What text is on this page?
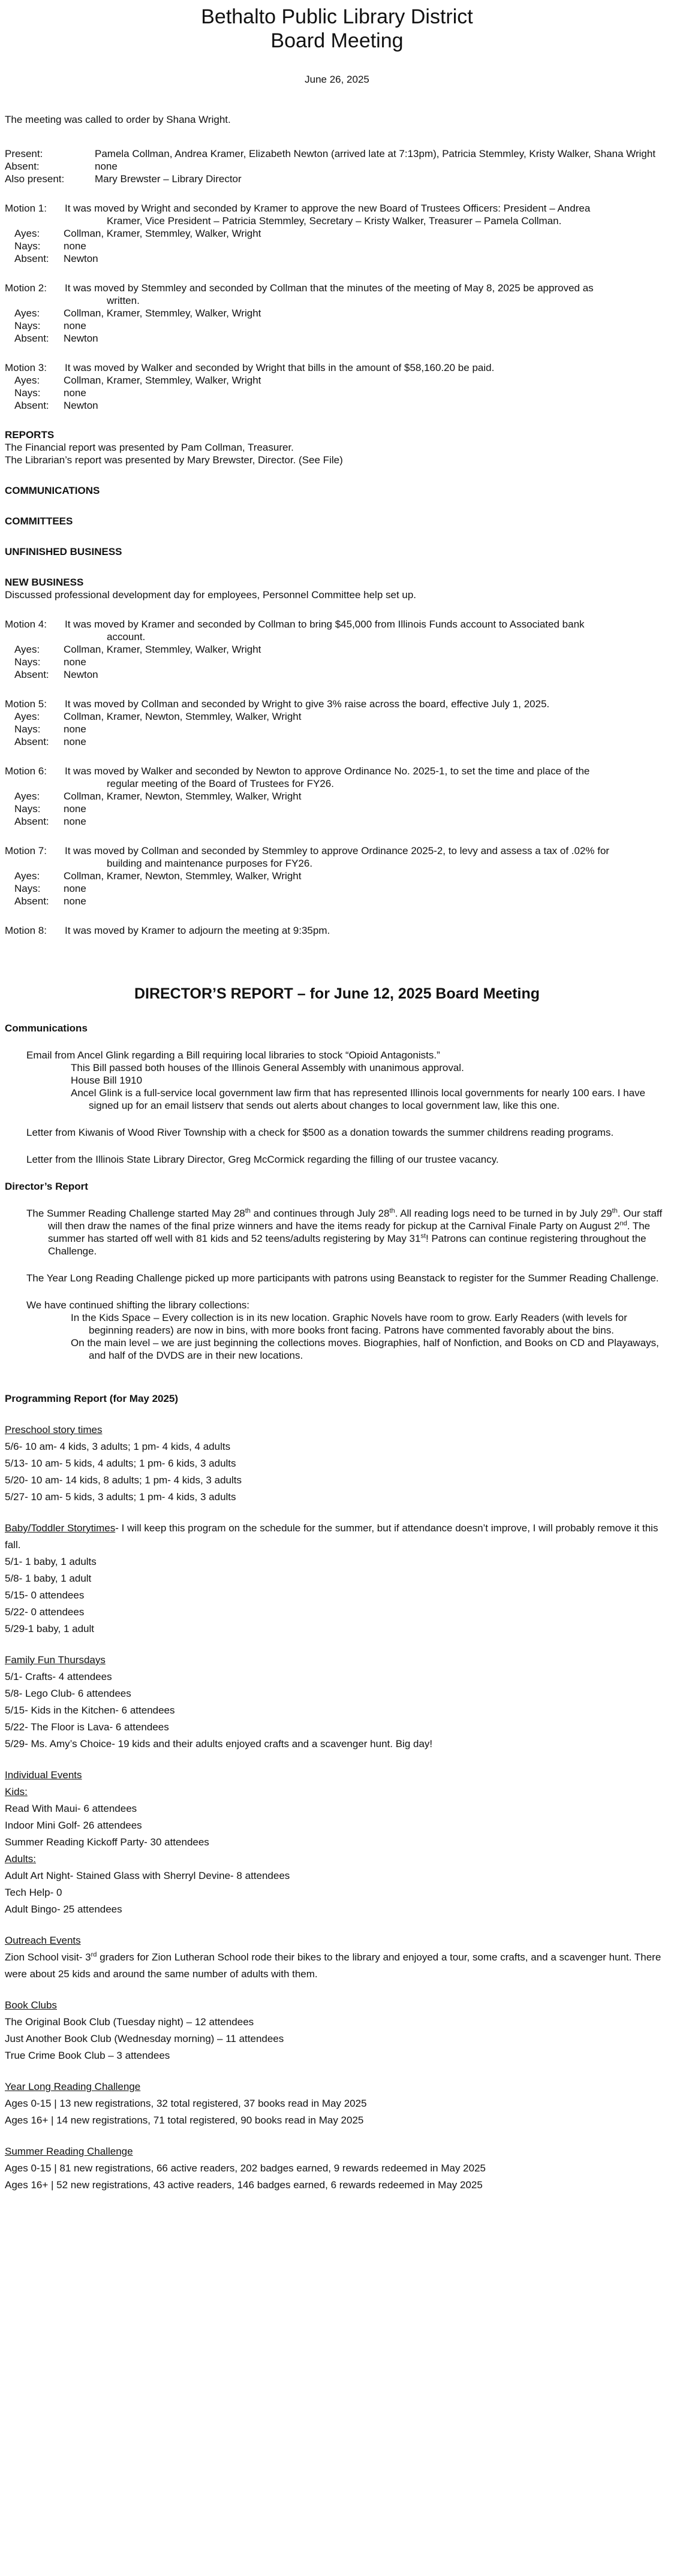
Bethalto Public Library District
Board Meeting
June 26, 2025

The meeting was called to order by Shana Wright.

Present:	Pamela Collman, Andrea Kramer, Elizabeth Newton (arrived late at 7:13pm), Patricia Stemmley, Kristy Walker, Shana Wright
Absent:	none
Also present:	Mary Brewster – Library Director
Motion 1:	It was moved by Wright and seconded by Kramer to approve the new Board of Trustees Officers: President – Andrea
Kramer, Vice President – Patricia Stemmley, Secretary – Kristy Walker, Treasurer – Pamela Collman.
Ayes:	Collman, Kramer, Stemmley, Walker, Wright
Nays:	none
Absent:	Newton
Motion 2:	It was moved by Stemmley and seconded by Collman that the minutes of the meeting of May 8, 2025 be approved as
written.
Ayes:	Collman, Kramer, Stemmley, Walker, Wright
Nays:	none
Absent:	Newton
Motion 3:	It was moved by Walker and seconded by Wright that bills in the amount of $58,160.20 be paid.
Ayes:	Collman, Kramer, Stemmley, Walker, Wright
Nays:	none
Absent:	Newton

REPORTS

The Financial report was presented by Pam Collman, Treasurer.

The Librarian’s report was presented by Mary Brewster, Director. (See File)

COMMUNICATIONS

COMMITTEES

UNFINISHED BUSINESS

NEW BUSINESS

Discussed professional development day for employees, Personnel Committee help set up.

Motion 4:	It was moved by Kramer and seconded by Collman to bring $45,000 from Illinois Funds account to Associated bank
account.
Ayes:	Collman, Kramer, Stemmley, Walker, Wright
Nays:	none
Absent:	Newton
Motion 5:	It was moved by Collman and seconded by Wright to give 3% raise across the board, effective July 1, 2025.
Ayes:	Collman, Kramer, Newton, Stemmley, Walker, Wright
Nays:	none
Absent:	none
Motion 6:	It was moved by Walker and seconded by Newton to approve Ordinance No. 2025-1, to set the time and place of the
regular meeting of the Board of Trustees for FY26.
Ayes:	Collman, Kramer, Newton, Stemmley, Walker, Wright
Nays:	none
Absent:	none
Motion 7:	It was moved by Collman and seconded by Stemmley to approve Ordinance 2025-2, to levy and assess a tax of .02% for
building and maintenance purposes for FY26.
Ayes:	Collman, Kramer, Newton, Stemmley, Walker, Wright
Nays:	none
Absent:	none
Motion 8:	It was moved by Kramer to adjourn the meeting at 9:35pm.
DIRECTOR’S REPORT – for June 12, 2025 Board Meeting

Communications

Email from Ancel Glink regarding a Bill requiring local libraries to stock “Opioid Antagonists.”

This Bill passed both houses of the Illinois General Assembly with unanimous approval.

House Bill 1910

Ancel Glink is a full-service local government law firm that has represented Illinois local governments for nearly 100 ears. I have signed up for an email listserv that sends out alerts about changes to local government law, like this one.

Letter from Kiwanis of Wood River Township with a check for $500 as a donation towards the summer childrens reading programs.

Letter from the Illinois State Library Director, Greg McCormick regarding the filling of our trustee vacancy.

Director’s Report

The Summer Reading Challenge started May 28th and continues through July 28th. All reading logs need to be turned in by July 29th. Our staff will then draw the names of the final prize winners and have the items ready for pickup at the Carnival Finale Party on August 2nd. The summer has started off well with 81 kids and 52 teens/adults registering by May 31st! Patrons can continue registering throughout the Challenge.

The Year Long Reading Challenge picked up more participants with patrons using Beanstack to register for the Summer Reading Challenge.

We have continued shifting the library collections:

In the Kids Space – Every collection is in its new location. Graphic Novels have room to grow. Early Readers (with levels for beginning readers) are now in bins, with more books front facing. Patrons have commented favorably about the bins.

On the main level – we are just beginning the collections moves. Biographies, half of Nonfiction, and Books on CD and Playaways, and half of the DVDS are in their new locations.

Programming Report (for May 2025)

Preschool story times

5/6- 10 am- 4 kids, 3 adults; 1 pm- 4 kids, 4 adults

5/13- 10 am- 5 kids, 4 adults; 1 pm- 6 kids, 3 adults

5/20- 10 am- 14 kids, 8 adults; 1 pm- 4 kids, 3 adults

5/27- 10 am- 5 kids, 3 adults; 1 pm- 4 kids, 3 adults

Baby/Toddler Storytimes- I will keep this program on the schedule for the summer, but if attendance doesn’t improve, I will probably remove it this fall.

5/1- 1 baby, 1 adults

5/8- 1 baby, 1 adult

5/15- 0 attendees

5/22- 0 attendees

5/29-1 baby, 1 adult

Family Fun Thursdays

5/1- Crafts- 4 attendees

5/8- Lego Club- 6 attendees

5/15- Kids in the Kitchen- 6 attendees

5/22- The Floor is Lava- 6 attendees

5/29- Ms. Amy’s Choice- 19 kids and their adults enjoyed crafts and a scavenger hunt. Big day!

Individual Events

Kids:

Read With Maui- 6 attendees

Indoor Mini Golf- 26 attendees

Summer Reading Kickoff Party- 30 attendees

Adults:

Adult Art Night- Stained Glass with Sherryl Devine- 8 attendees

Tech Help- 0

Adult Bingo- 25 attendees

Outreach Events

Zion School visit- 3rd graders for Zion Lutheran School rode their bikes to the library and enjoyed a tour, some crafts, and a scavenger hunt. There were about 25 kids and around the same number of adults with them.

Book Clubs

The Original Book Club (Tuesday night) – 12 attendees

Just Another Book Club (Wednesday morning) – 11 attendees

True Crime Book Club – 3 attendees

Year Long Reading Challenge

Ages 0-15 | 13 new registrations, 32 total registered, 37 books read in May 2025

Ages 16+ | 14 new registrations, 71 total registered, 90 books read in May 2025

Summer Reading Challenge

Ages 0-15 | 81 new registrations, 66 active readers, 202 badges earned, 9 rewards redeemed in May 2025

Ages 16+ | 52 new registrations, 43 active readers, 146 badges earned, 6 rewards redeemed in May 2025
